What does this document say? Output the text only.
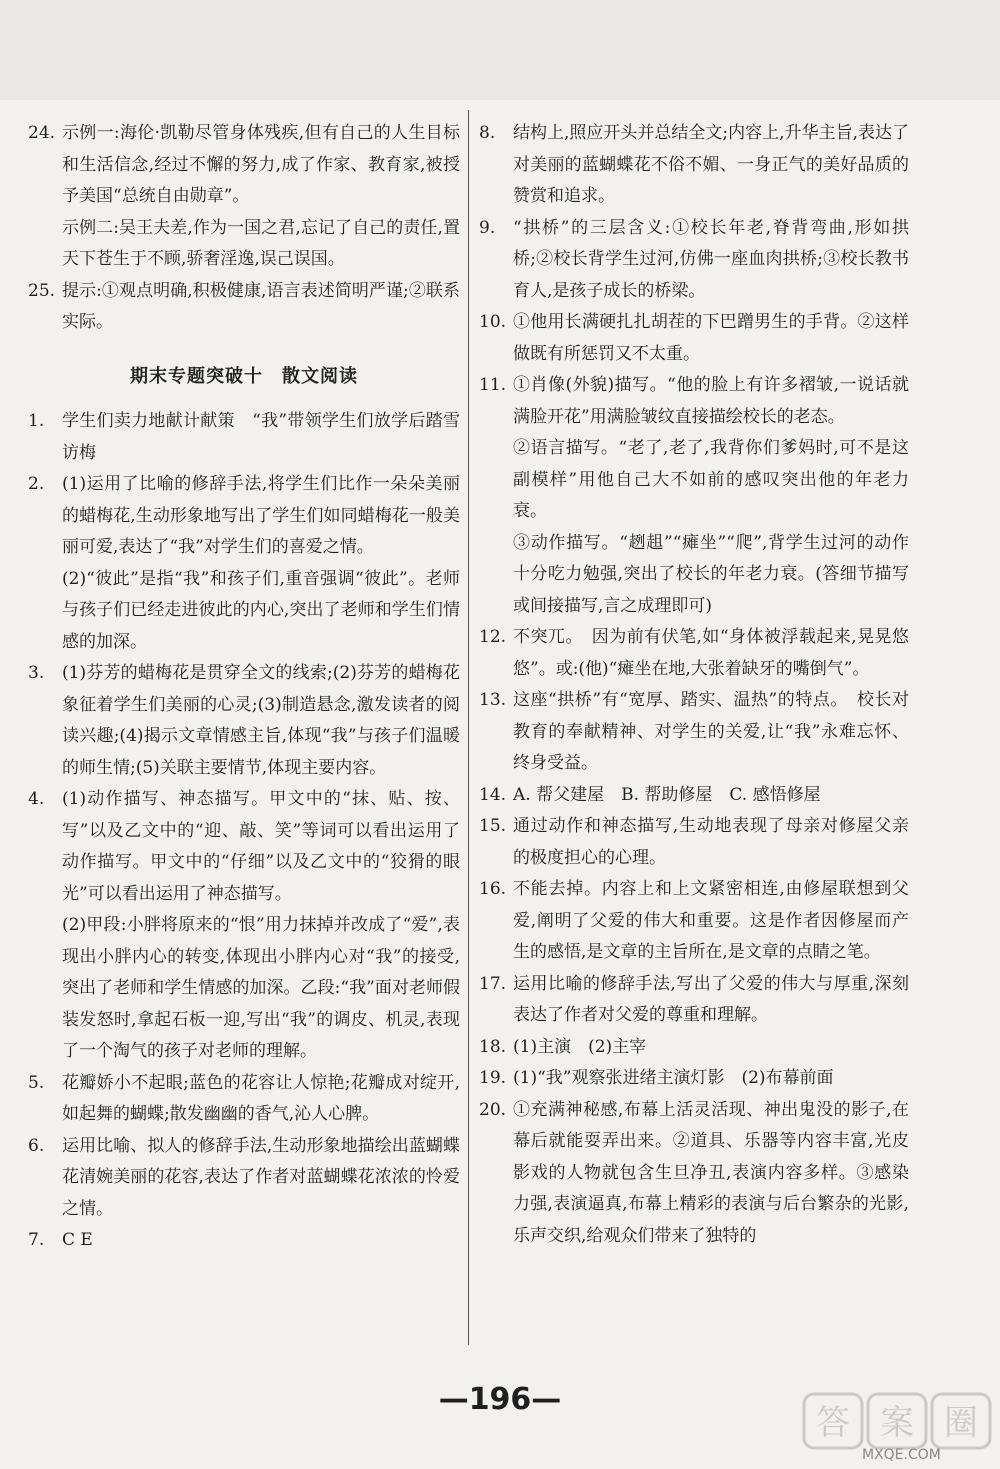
24. 示例一:海伦·凯勒尽管身体残疾,但有自己的人生目标和生活信念,经过不懈的努力,成了作家、教育家,被授予美国“总统自由勋章”。

示例二:吴王夫差,作为一国之君,忘记了自己的责任,置天下苍生于不顾,骄奢淫逸,误己误国。

25. 提示:①观点明确,积极健康,语言表述简明严谨;②联系实际。

期末专题突破十　散文阅读
1.	学生们卖力地献计献策　“我”带领学生们放学后踏雪访梅

2.	(1)运用了比喻的修辞手法,将学生们比作一朵朵美丽的蜡梅花,生动形象地写出了学生们如同蜡梅花一般美丽可爱,表达了“我”对学生们的喜爱之情。

(2)“彼此”是指“我”和孩子们,重音强调“彼此”。老师与孩子们已经走进彼此的内心,突出了老师和学生们情感的加深。

3.	(1)芬芳的蜡梅花是贯穿全文的线索;(2)芬芳的蜡梅花象征着学生们美丽的心灵;(3)制造悬念,激发读者的阅读兴趣;(4)揭示文章情感主旨,体现“我”与孩子们温暖的师生情;(5)关联主要情节,体现主要内容。

4.	(1)动作描写、神态描写。甲文中的“抹、贴、按、写”以及乙文中的“迎、敲、笑”等词可以看出运用了动作描写。甲文中的“仔细”以及乙文中的“狡猾的眼光”可以看出运用了神态描写。

(2)甲段:小胖将原来的“恨”用力抹掉并改成了“爱”,表现出小胖内心的转变,体现出小胖内心对“我”的接受,突出了老师和学生情感的加深。乙段:“我”面对老师假装发怒时,拿起石板一迎,写出“我”的调皮、机灵,表现了一个淘气的孩子对老师的理解。

5.	花瓣娇小不起眼;蓝色的花容让人惊艳;花瓣成对绽开,如起舞的蝴蝶;散发幽幽的香气,沁人心脾。

6.	运用比喻、拟人的修辞手法,生动形象地描绘出蓝蝴蝶花清婉美丽的花容,表达了作者对蓝蝴蝶花浓浓的怜爱之情。

7.	C E

8.	结构上,照应开头并总结全文;内容上,升华主旨,表达了对美丽的蓝蝴蝶花不俗不媚、一身正气的美好品质的赞赏和追求。

9.	“拱桥”的三层含义:①校长年老,脊背弯曲,形如拱桥;②校长背学生过河,仿佛一座血肉拱桥;③校长教书育人,是孩子成长的桥梁。

10. ①他用长满硬扎扎胡茬的下巴蹭男生的手背。②这样做既有所惩罚又不太重。

11. ①肖像(外貌)描写。“他的脸上有许多褶皱,一说话就满脸开花”用满脸皱纹直接描绘校长的老态。

②语言描写。“老了,老了,我背你们爹妈时,可不是这副模样”用他自己大不如前的感叹突出他的年老力衰。

③动作描写。“趔趄”“瘫坐”“爬”,背学生过河的动作十分吃力勉强,突出了校长的年老力衰。(答细节描写或间接描写,言之成理即可)

12. 不突兀。　因为前有伏笔,如“身体被浮载起来,晃晃悠悠”。或:(他)“瘫坐在地,大张着缺牙的嘴倒气”。

13. 这座“拱桥”有“宽厚、踏实、温热”的特点。　校长对教育的奉献精神、对学生的关爱,让“我”永难忘怀、终身受益。

14. A. 帮父建屋　B. 帮助修屋　C. 感悟修屋

15. 通过动作和神态描写,生动地表现了母亲对修屋父亲的极度担心的心理。

16. 不能去掉。内容上和上文紧密相连,由修屋联想到父爱,阐明了父爱的伟大和重要。这是作者因修屋而产生的感悟,是文章的主旨所在,是文章的点睛之笔。

17. 运用比喻的修辞手法,写出了父爱的伟大与厚重,深刻表达了作者对父爱的尊重和理解。

18. (1)主演　(2)主宰

19. (1)“我”观察张进绪主演灯影　(2)布幕前面

20. ①充满神秘感,布幕上活灵活现、神出鬼没的影子,在幕后就能耍弄出来。②道具、乐器等内容丰富,光皮影戏的人物就包含生旦净丑,表演内容多样。③感染力强,表演逼真,布幕上精彩的表演与后台繁杂的光影,乐声交织,给观众们带来了独特的

—196—
答 案 圈
MXQE.COM
